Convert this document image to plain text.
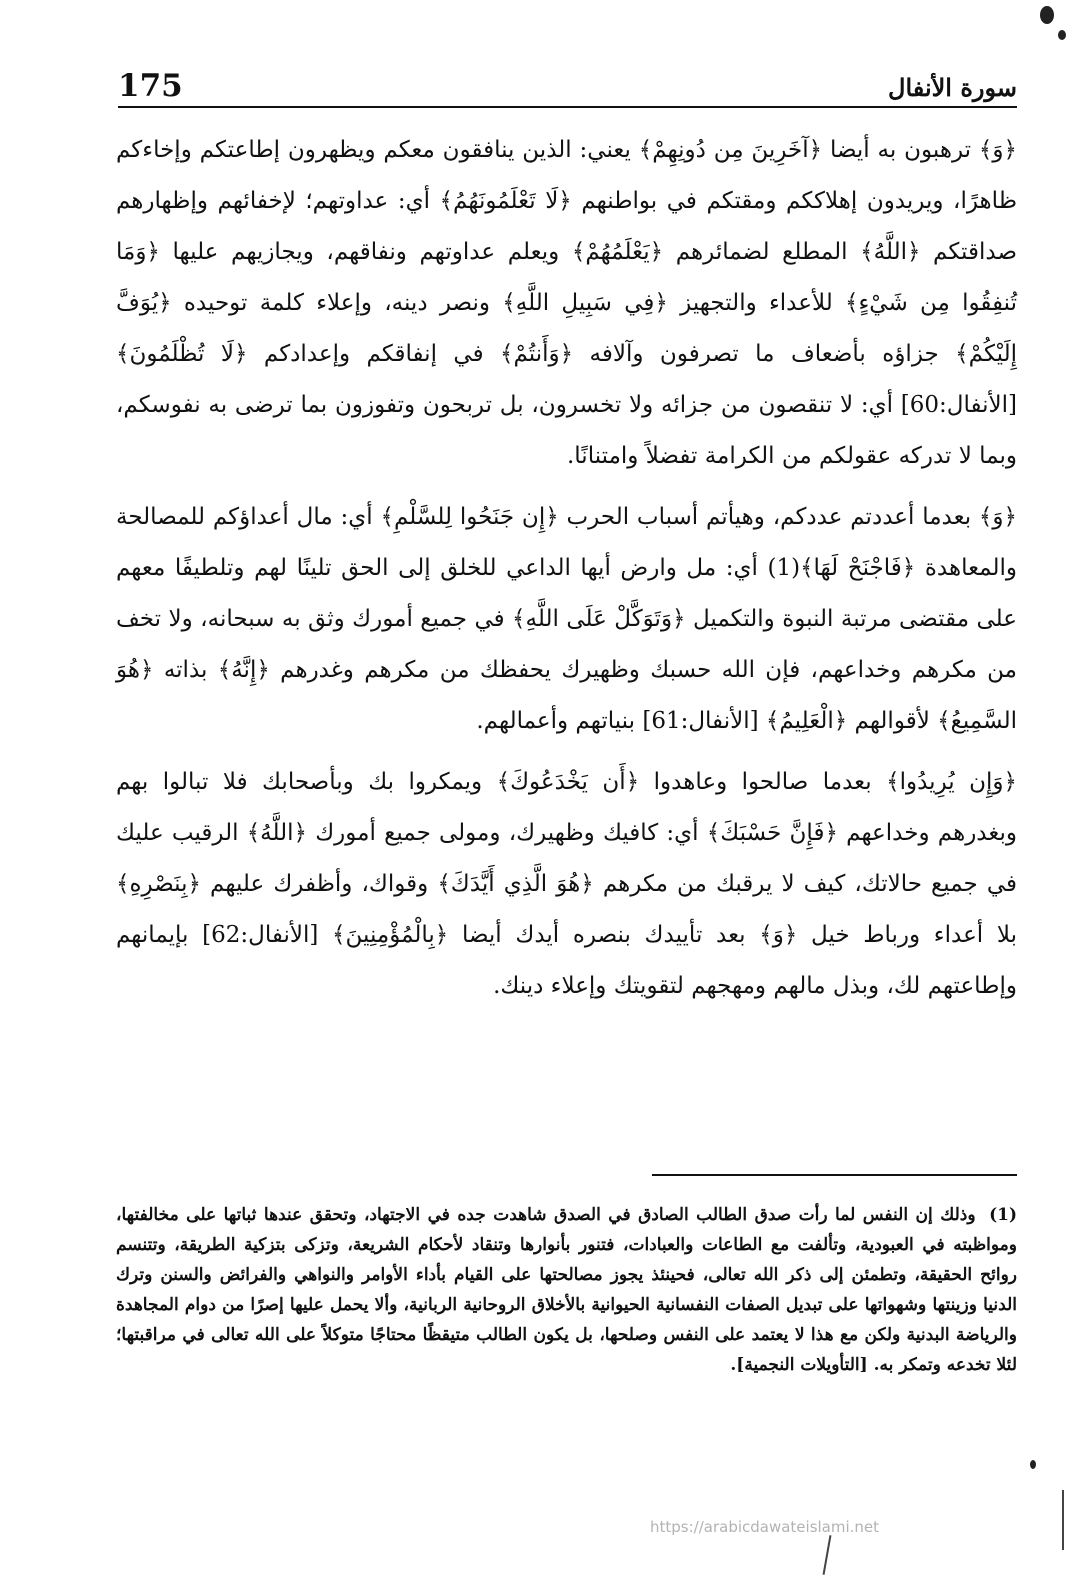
175	سورة الأنفال

﴿وَ﴾ ترهبون به أيضا ﴿آخَرِينَ مِن دُونِهِمْ﴾ يعني: الذين ينافقون معكم ويظهرون إطاعتكم وإخاءكم ظاهرًا، ويريدون إهلاككم ومقتكم في بواطنهم ﴿لَا تَعْلَمُونَهُمُ﴾ أي: عداوتهم؛ لإخفائهم وإظهارهم صداقتكم ﴿اللَّهُ﴾ المطلع لضمائرهم ﴿يَعْلَمُهُمْ﴾ ويعلم عداوتهم ونفاقهم، ويجازيهم عليها ﴿وَمَا تُنفِقُوا مِن شَيْءٍ﴾ للأعداء والتجهيز ﴿فِي سَبِيلِ اللَّهِ﴾ ونصر دينه، وإعلاء كلمة توحيده ﴿يُوَفَّ إِلَيْكُمْ﴾ جزاؤه بأضعاف ما تصرفون وآلافه ﴿وَأَنتُمْ﴾ في إنفاقكم وإعدادكم ﴿لَا تُظْلَمُونَ﴾ [الأنفال:60] أي: لا تنقصون من جزائه ولا تخسرون، بل تربحون وتفوزون بما ترضى به نفوسكم، وبما لا تدركه عقولكم من الكرامة تفضلاً وامتنانًا.

﴿وَ﴾ بعدما أعددتم عددكم، وهيأتم أسباب الحرب ﴿إِن جَنَحُوا لِلسَّلْمِ﴾ أي: مال أعداؤكم للمصالحة والمعاهدة ﴿فَاجْنَحْ لَهَا﴾(1) أي: مل وارض أيها الداعي للخلق إلى الحق تلينًا لهم وتلطيفًا معهم على مقتضى مرتبة النبوة والتكميل ﴿وَتَوَكَّلْ عَلَى اللَّهِ﴾ في جميع أمورك وثق به سبحانه، ولا تخف من مكرهم وخداعهم، فإن الله حسبك وظهيرك يحفظك من مكرهم وغدرهم ﴿إِنَّهُ﴾ بذاته ﴿هُوَ السَّمِيعُ﴾ لأقوالهم ﴿الْعَلِيمُ﴾ [الأنفال:61] بنياتهم وأعمالهم.

﴿وَإِن يُرِيدُوا﴾ بعدما صالحوا وعاهدوا ﴿أَن يَخْدَعُوكَ﴾ ويمكروا بك وبأصحابك فلا تبالوا بهم وبغدرهم وخداعهم ﴿فَإِنَّ حَسْبَكَ﴾ أي: كافيك وظهيرك، ومولى جميع أمورك ﴿اللَّهُ﴾ الرقيب عليك في جميع حالاتك، كيف لا يرقبك من مكرهم ﴿هُوَ الَّذِي أَيَّدَكَ﴾ وقواك، وأظفرك عليهم ﴿بِنَصْرِهِ﴾ بلا أعداء ورباط خيل ﴿وَ﴾ بعد تأييدك بنصره أيدك أيضا ﴿بِالْمُؤْمِنِينَ﴾ [الأنفال:62] بإيمانهم وإطاعتهم لك، وبذل مالهم ومهجهم لتقويتك وإعلاء دينك.

(1) وذلك إن النفس لما رأت صدق الطالب الصادق في الصدق شاهدت جده في الاجتهاد، وتحقق عندها ثباتها على مخالفتها، ومواظبته في العبودية، وتألفت مع الطاعات والعبادات، فتنور بأنوارها وتنقاد لأحكام الشريعة، وتزكى بتزكية الطريقة، وتتنسم روائح الحقيقة، وتطمئن إلى ذكر الله تعالى، فحينئذ يجوز مصالحتها على القيام بأداء الأوامر والنواهي والفرائض والسنن وترك الدنيا وزينتها وشهواتها على تبديل الصفات النفسانية الحيوانية بالأخلاق الروحانية الربانية، وألا يحمل عليها إصرًا من دوام المجاهدة والرياضة البدنية ولكن مع هذا لا يعتمد على النفس وصلحها، بل يكون الطالب متيقظًا محتاجًا متوكلاً على الله تعالى في مراقبتها؛ لئلا تخدعه وتمكر به. [التأويلات النجمية].
https://arabicdawateislami.net
